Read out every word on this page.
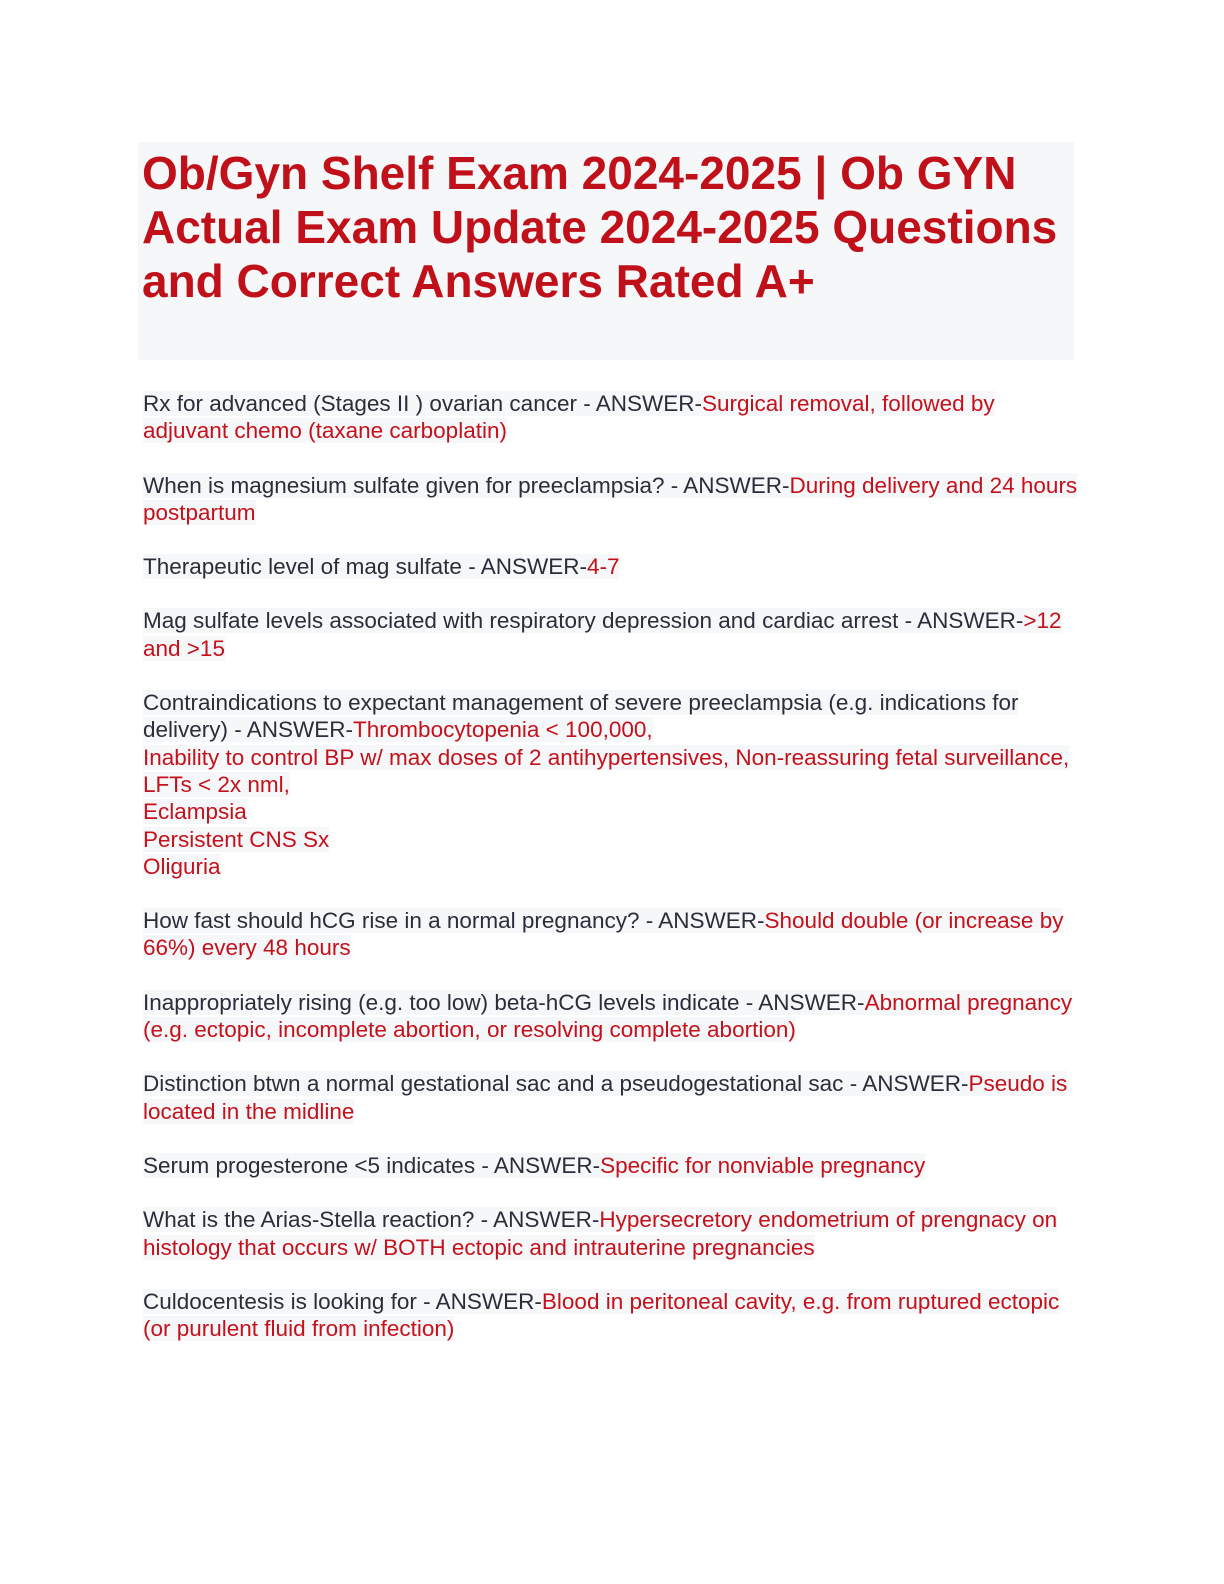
Ob/Gyn Shelf Exam 2024-2025 | Ob GYN Actual Exam Update 2024-2025 Questions and Correct Answers Rated A+

Rx for advanced (Stages II ) ovarian cancer - ANSWER-Surgical removal, followed by adjuvant chemo (taxane carboplatin)

When is magnesium sulfate given for preeclampsia? - ANSWER-During delivery and 24 hours postpartum

Therapeutic level of mag sulfate - ANSWER-4-7

Mag sulfate levels associated with respiratory depression and cardiac arrest - ANSWER->12 and >15

Contraindications to expectant management of severe preeclampsia (e.g. indications for delivery) - ANSWER-Thrombocytopenia < 100,000,
Inability to control BP w/ max doses of 2 antihypertensives, Non-reassuring fetal surveillance,
LFTs < 2x nml,
Eclampsia
Persistent CNS Sx
Oliguria

How fast should hCG rise in a normal pregnancy? - ANSWER-Should double (or increase by 66%) every 48 hours

Inappropriately rising (e.g. too low) beta-hCG levels indicate - ANSWER-Abnormal pregnancy (e.g. ectopic, incomplete abortion, or resolving complete abortion)

Distinction btwn a normal gestational sac and a pseudogestational sac - ANSWER-Pseudo is located in the midline

Serum progesterone <5 indicates - ANSWER-Specific for nonviable pregnancy

What is the Arias-Stella reaction? - ANSWER-Hypersecretory endometrium of prengnacy on histology that occurs w/ BOTH ectopic and intrauterine pregnancies

Culdocentesis is looking for - ANSWER-Blood in peritoneal cavity, e.g. from ruptured ectopic (or purulent fluid from infection)
